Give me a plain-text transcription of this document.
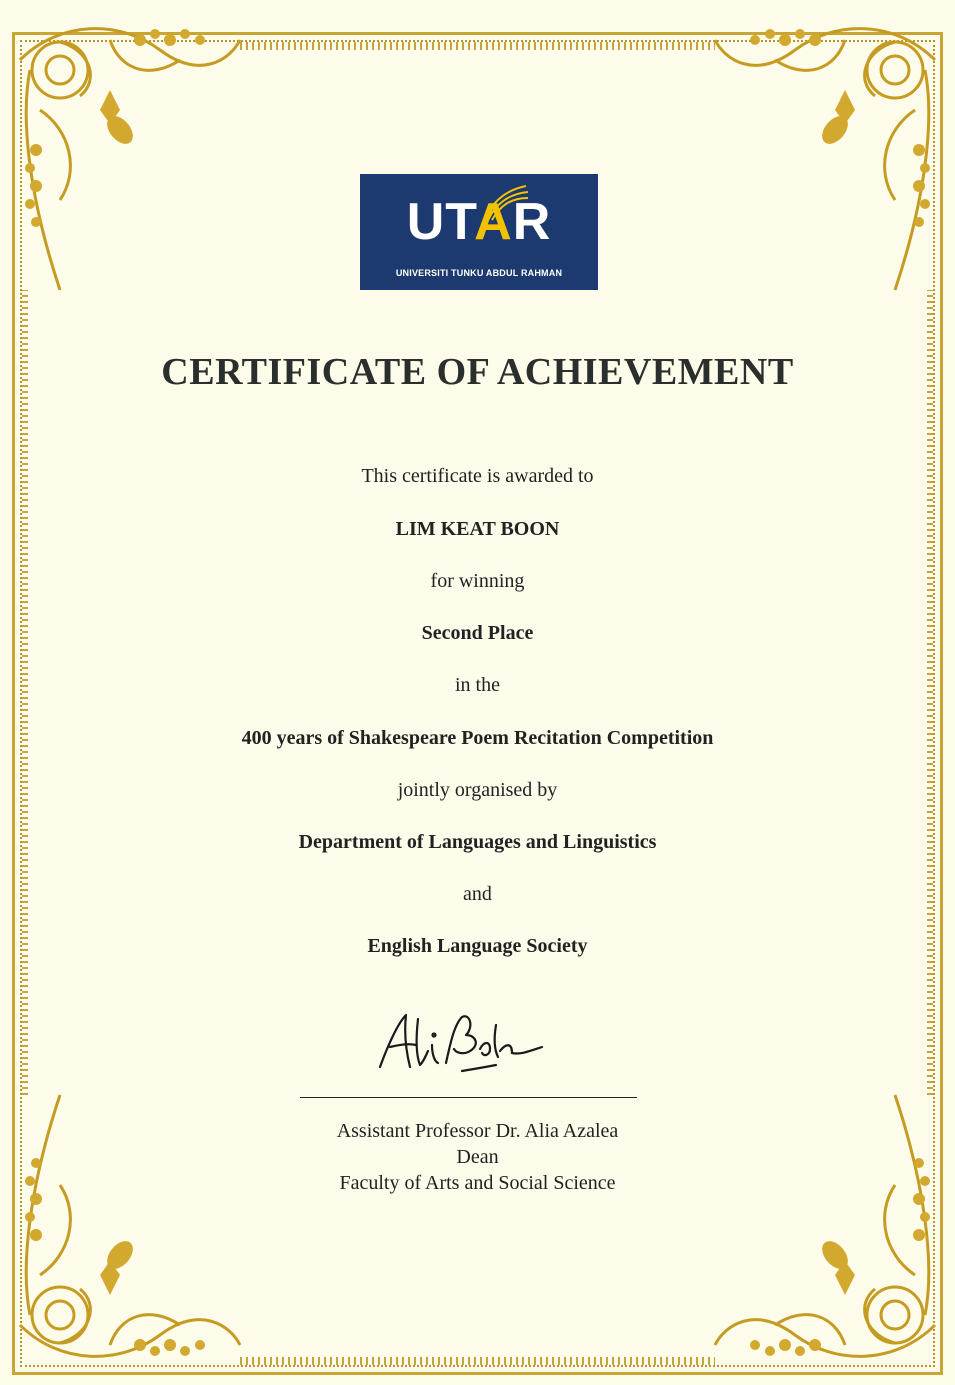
UTAR
UNIVERSITI TUNKU ABDUL RAHMAN
CERTIFICATE OF ACHIEVEMENT
This certificate is awarded to
LIM KEAT BOON
for winning
Second Place
in the
400 years of Shakespeare Poem Recitation Competition
jointly organised by
Department of Languages and Linguistics
and
English Language Society
Assistant Professor Dr. Alia Azalea
Dean
Faculty of Arts and Social Science
